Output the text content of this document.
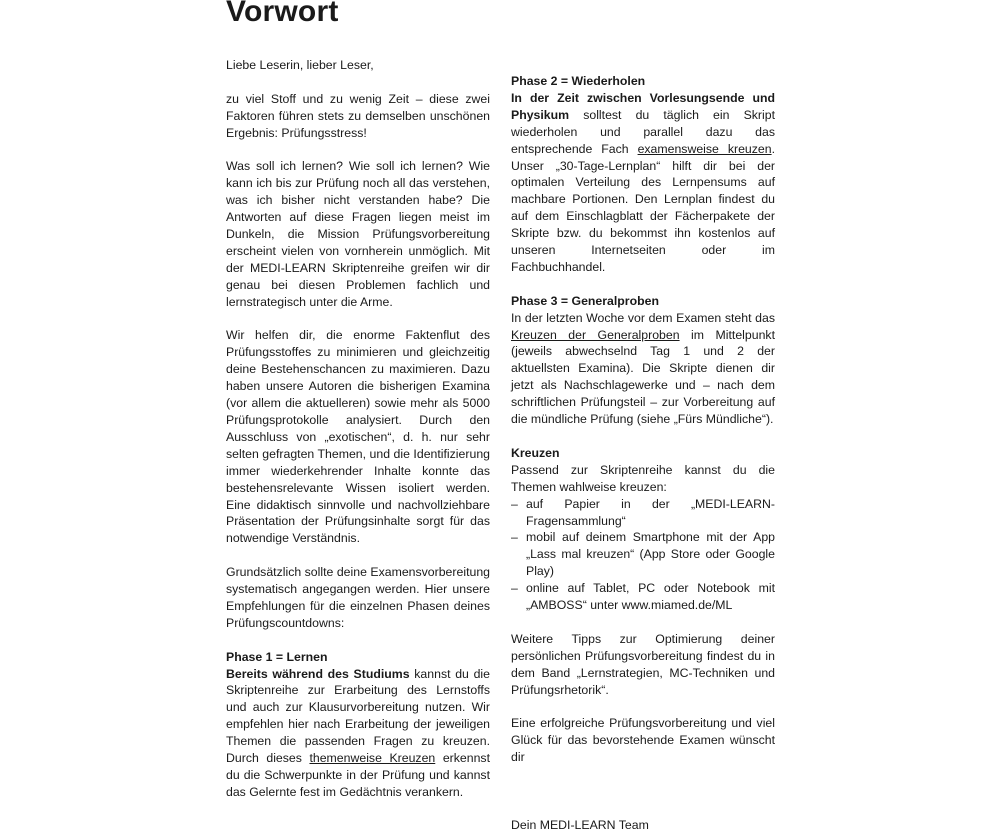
Vorwort

Liebe Leserin, lieber Leser,

zu viel Stoff und zu wenig Zeit – diese zwei Faktoren führen stets zu demselben unschönen Ergebnis: Prüfungsstress!

Was soll ich lernen? Wie soll ich lernen? Wie kann ich bis zur Prüfung noch all das verstehen, was ich bisher nicht verstanden habe? Die Antworten auf diese Fragen liegen meist im Dunkeln, die Mission Prüfungsvorbereitung erscheint vielen von vornherein unmöglich. Mit der MEDI-LEARN Skriptenreihe greifen wir dir genau bei diesen Problemen fachlich und lernstrategisch unter die Arme.

Wir helfen dir, die enorme Faktenflut des Prüfungsstoffes zu minimieren und gleichzeitig deine Bestehenschancen zu maximieren. Dazu haben unsere Autoren die bisherigen Examina (vor allem die aktuelleren) sowie mehr als 5000 Prüfungsprotokolle analysiert. Durch den Ausschluss von „exotischen“, d. h. nur sehr selten gefragten Themen, und die Identifizierung immer wiederkehrender Inhalte konnte das bestehensrelevante Wissen isoliert werden. Eine didaktisch sinnvolle und nachvollziehbare Präsentation der Prüfungsinhalte sorgt für das notwendige Verständnis.

Grundsätzlich sollte deine Examensvorbereitung systematisch angegangen werden. Hier unsere Empfehlungen für die einzelnen Phasen deines Prüfungscountdowns:

Phase 1 = Lernen
Bereits während des Studiums kannst du die Skriptenreihe zur Erarbeitung des Lernstoffs und auch zur Klausurvorbereitung nutzen. Wir empfehlen hier nach Erarbeitung der jeweiligen Themen die passenden Fragen zu kreuzen. Durch dieses themenweise Kreuzen erkennst du die Schwerpunkte in der Prüfung und kannst das Gelernte fest im Gedächtnis verankern.

Phase 2 = Wiederholen
In der Zeit zwischen Vorlesungsende und Physikum solltest du täglich ein Skript wiederholen und parallel dazu das entsprechende Fach examensweise kreuzen. Unser „30-Tage-Lernplan“ hilft dir bei der optimalen Verteilung des Lernpensums auf machbare Portionen. Den Lernplan findest du auf dem Einschlagblatt der Fächerpakete der Skripte bzw. du bekommst ihn kostenlos auf unseren Internetseiten oder im Fachbuchhandel.

Phase 3 = Generalproben
In der letzten Woche vor dem Examen steht das Kreuzen der Generalproben im Mittelpunkt (jeweils abwechselnd Tag 1 und 2 der aktuellsten Examina). Die Skripte dienen dir jetzt als Nachschlagewerke und – nach dem schriftlichen Prüfungsteil – zur Vorbereitung auf die mündliche Prüfung (siehe „Fürs Mündliche“).

Kreuzen
Passend zur Skriptenreihe kannst du die Themen wahlweise kreuzen:

– auf Papier in der „MEDI-LEARN-Fragensammlung“
– mobil auf deinem Smartphone mit der App „Lass mal kreuzen“ (App Store oder Google Play)
– online auf Tablet, PC oder Notebook mit „AMBOSS“ unter www.miamed.de/ML

Weitere Tipps zur Optimierung deiner persönlichen Prüfungsvorbereitung findest du in dem Band „Lernstrategien, MC-Techniken und Prüfungsrhetorik“.

Eine erfolgreiche Prüfungsvorbereitung und viel Glück für das bevorstehende Examen wünscht dir

Dein MEDI-LEARN Team
